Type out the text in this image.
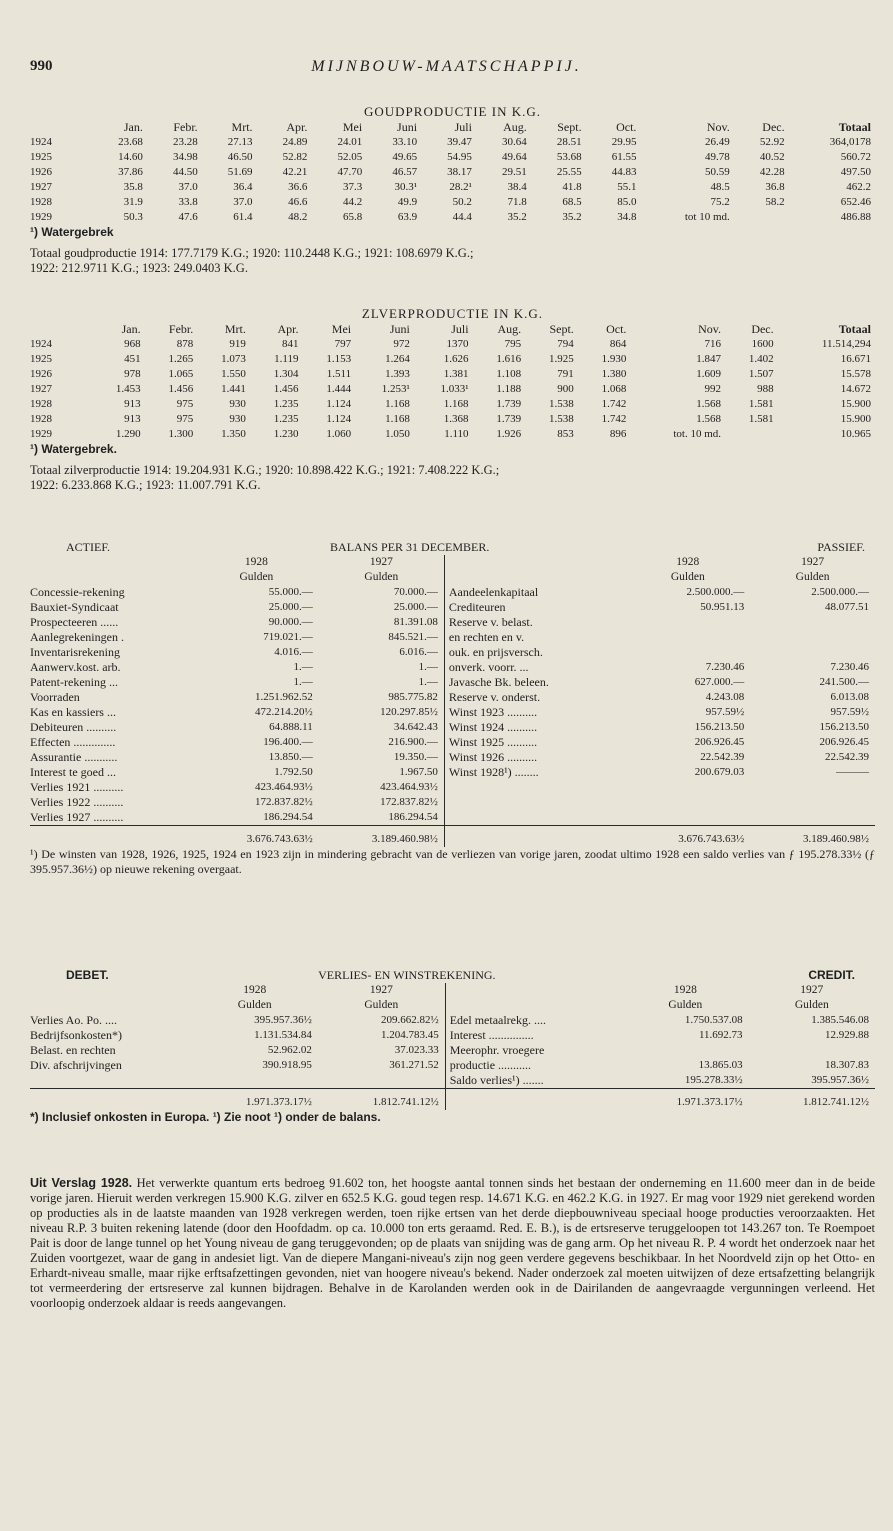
990	MIJNBOUW-MAATSCHAPPIJ.
GOUDPRODUCTIE IN K.G.
	Jan.	Febr.	Mrt.	Apr.	Mei	Juni	Juli	Aug.	Sept.	Oct.	Nov.	Dec.	Totaal
1924	23.68	23.28	27.13	24.89	24.01	33.10	39.47	30.64	28.51	29.95	26.49	52.92	364,0178
1925	14.60	34.98	46.50	52.82	52.05	49.65	54.95	49.64	53.68	61.55	49.78	40.52	560.72
1926	37.86	44.50	51.69	42.21	47.70	46.57	38.17	29.51	25.55	44.83	50.59	42.28	497.50
1927	35.8	37.0	36.4	36.6	37.3	30.3¹	28.2¹	38.4	41.8	55.1	48.5	36.8	462.2
1928	31.9	33.8	37.0	46.6	44.2	49.9	50.2	71.8	68.5	85.0	75.2	58.2	652.46
1929	50.3	47.6	61.4	48.2	65.8	63.9	44.4	35.2	35.2	34.8	tot 10 md.		486.88
¹) Watergebrek
Totaal goudproductie 1914: 177.7179 K.G.; 1920: 110.2448 K.G.; 1921: 108.6979 K.G.;
1922: 212.9711 K.G.; 1923: 249.0403 K.G.
ZLVERPRODUCTIE IN K.G.
	Jan.	Febr.	Mrt.	Apr.	Mei	Juni	Juli	Aug.	Sept.	Oct.	Nov.	Dec.	Totaal
1924	968	878	919	841	797	972	1370	795	794	864	716	1600	11.514,294
1925	451	1.265	1.073	1.119	1.153	1.264	1.626	1.616	1.925	1.930	1.847	1.402	16.671
1926	978	1.065	1.550	1.304	1.511	1.393	1.381	1.108	791	1.380	1.609	1.507	15.578
1927	1.453	1.456	1.441	1.456	1.444	1.253¹	1.033¹	1.188	900	1.068	992	988	14.672
1928	913	975	930	1.235	1.124	1.168	1.168	1.739	1.538	1.742	1.568	1.581	15.900
1928	913	975	930	1.235	1.124	1.168	1.368	1.739	1.538	1.742	1.568	1.581	15.900
1929	1.290	1.300	1.350	1.230	1.060	1.050	1.110	1.926	853	896	tot. 10 md.		10.965
¹) Watergebrek.
Totaal zilverproductie 1914: 19.204.931 K.G.; 1920: 10.898.422 K.G.; 1921: 7.408.222 K.G.;
1922: 6.233.868 K.G.; 1923: 11.007.791 K.G.
ACTIEF.	BALANS PER 31 DECEMBER.			PASSIEF.	
	1928	1927		1928	1927
	Gulden	Gulden		Gulden	Gulden
Concessie-rekening	55.000.—	70.000.—	Aandeelenkapitaal	2.500.000.—	2.500.000.—
Bauxiet-Syndicaat	25.000.—	25.000.—	Crediteuren	50.951.13	48.077.51
Prospecteeren ......	90.000.—	81.391.08	Reserve v. belast.		
Aanlegrekeningen .	719.021.—	845.521.—	en rechten en v.		
Inventarisrekening	4.016.—	6.016.—	ouk. en prijsversch.		
Aanwerv.kost. arb.	1.—	1.—	onverk. voorr. ...	7.230.46	7.230.46
Patent-rekening ...	1.—	1.—	Javasche Bk. beleen.	627.000.—	241.500.—
Voorraden	1.251.962.52	985.775.82	Reserve v. onderst.	4.243.08	6.013.08
Kas en kassiers ...	472.214.20½	120.297.85½	Winst 1923 ..........	957.59½	957.59½
Debiteuren ..........	64.888.11	34.642.43	Winst 1924 ..........	156.213.50	156.213.50
Effecten ..............	196.400.—	216.900.—	Winst 1925 ..........	206.926.45	206.926.45
Assurantie ...........	13.850.—	19.350.—	Winst 1926 ..........	22.542.39	22.542.39
Interest te goed ...	1.792.50	1.967.50	Winst 1928¹) ........	200.679.03	———
Verlies 1921 ..........	423.464.93½	423.464.93½			
Verlies 1922 ..........	172.837.82½	172.837.82½			
Verlies 1927 ..........	186.294.54	186.294.54			
	3.676.743.63½	3.189.460.98½		3.676.743.63½	3.189.460.98½
¹) De winsten van 1928, 1926, 1925, 1924 en 1923 zijn in mindering gebracht van de verliezen van vorige jaren, zoodat ultimo 1928 een saldo verlies van ƒ 195.278.33½ (ƒ 395.957.36½) op nieuwe rekening overgaat.
DEBET.	VERLIES- EN WINSTREKENING.			CREDIT.	
	1928	1927		1928	1927
	Gulden	Gulden		Gulden	Gulden
Verlies Ao. Po. ....	395.957.36½	209.662.82½	Edel metaalrekg. ....	1.750.537.08	1.385.546.08
Bedrijfsonkosten*)	1.131.534.84	1.204.783.45	Interest ...............	11.692.73	12.929.88
Belast. en rechten	52.962.02	37.023.33	Meerophr. vroegere		
Div. afschrijvingen	390.918.95	361.271.52	productie ...........	13.865.03	18.307.83
			Saldo verlies¹) .......	195.278.33½	395.957.36½
	1.971.373.17½	1.812.741.12½		1.971.373.17½	1.812.741.12½
*) Inclusief onkosten in Europa. ¹) Zie noot ¹) onder de balans.
Uit Verslag 1928. Het verwerkte quantum erts bedroeg 91.602 ton, het hoogste aantal tonnen sinds het bestaan der onderneming en 11.600 meer dan in de beide vorige jaren. Hieruit werden verkregen 15.900 K.G. zilver en 652.5 K.G. goud tegen resp. 14.671 K.G. en 462.2 K.G. in 1927. Er mag voor 1929 niet gerekend worden op producties als in de laatste maanden van 1928 verkregen werden, toen rijke ertsen van het derde diepbouwniveau speciaal hooge producties veroorzaakten. Het niveau R.P. 3 buiten rekening latende (door den Hoofdadm. op ca. 10.000 ton erts geraamd. Red. E. B.), is de ertsreserve teruggeloopen tot 143.267 ton. Te Roempoet Pait is door de lange tunnel op het Young niveau de gang teruggevonden; op de plaats van snijding was de gang arm. Op het niveau R. P. 4 wordt het onderzoek naar het Zuiden voortgezet, waar de gang in andesiet ligt. Van de diepere Mangani-niveau's zijn nog geen verdere gegevens beschikbaar. In het Noordveld zijn op het Otto- en Erhardt-niveau smalle, maar rijke erftsafzettingen gevonden, niet van hoogere niveau's bekend. Nader onderzoek zal moeten uitwijzen of deze ertsafzetting belangrijk tot vermeerdering der ertsreserve zal kunnen bijdragen. Behalve in de Karolanden werden ook in de Dairilanden de aangevraagde vergunningen verleend. Het voorloopig onderzoek aldaar is reeds aangevangen.
